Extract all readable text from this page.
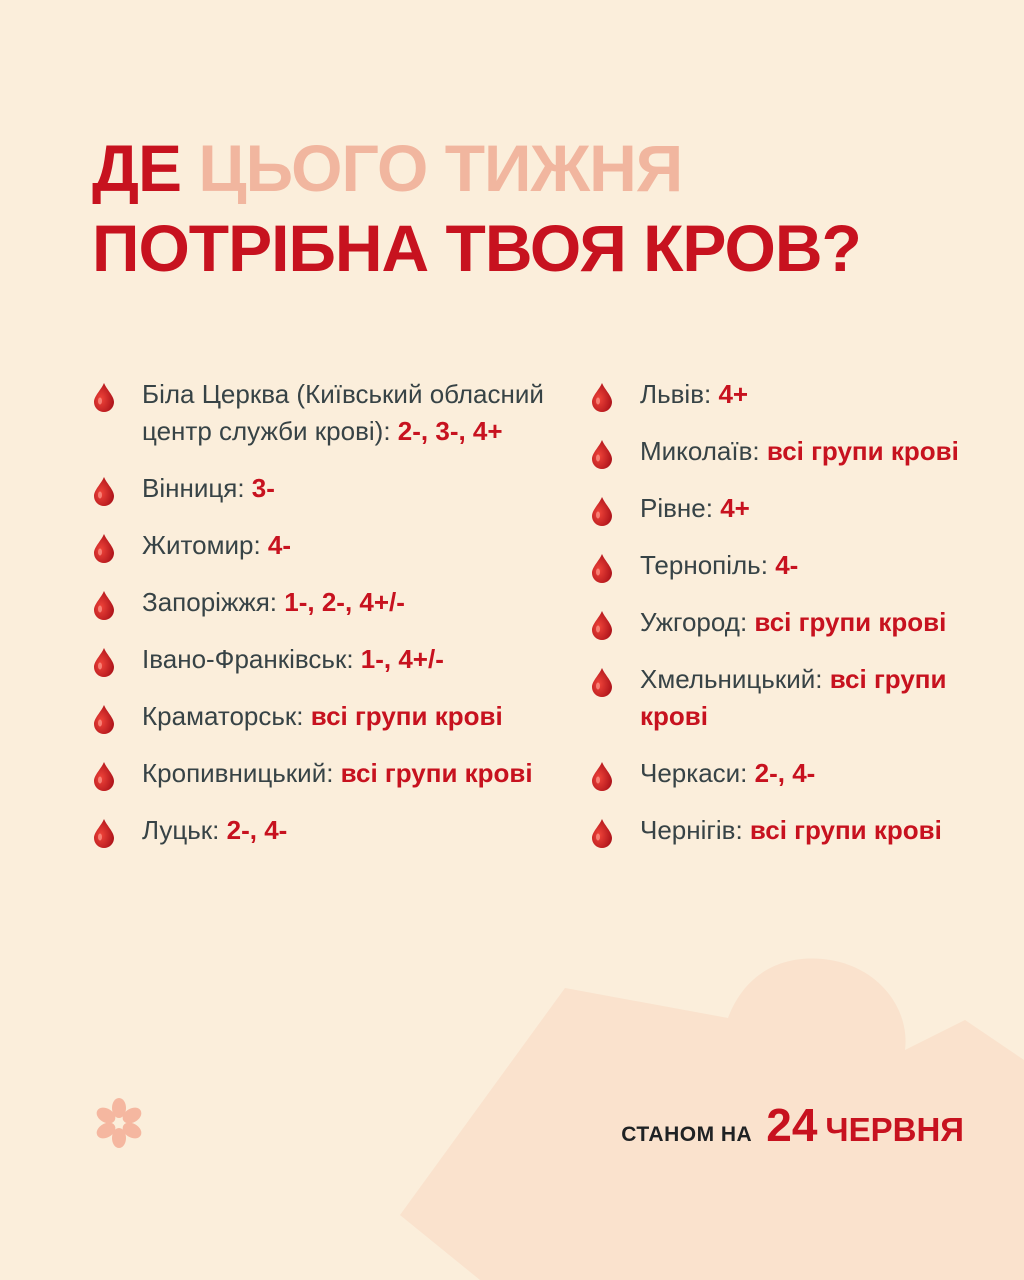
ДЕ ЦЬОГО ТИЖНЯ
ПОТРІБНА ТВОЯ КРОВ?
Біла Церква (Київський обласний центр служби крові): 2-, 3-, 4+
Вінниця: 3-
Житомир: 4-
Запоріжжя: 1-, 2-, 4+/-
Івано-Франківськ: 1-, 4+/-
Краматорськ: всі групи крові
Кропивницький: всі групи крові
Луцьк: 2-, 4-
Львів: 4+
Миколаїв: всі групи крові
Рівне: 4+
Тернопіль: 4-
Ужгород: всі групи крові
Хмельницький: всі групи крові
Черкаси: 2-, 4-
Чернігів: всі групи крові
СТАНОМ НА 24 ЧЕРВНЯ
